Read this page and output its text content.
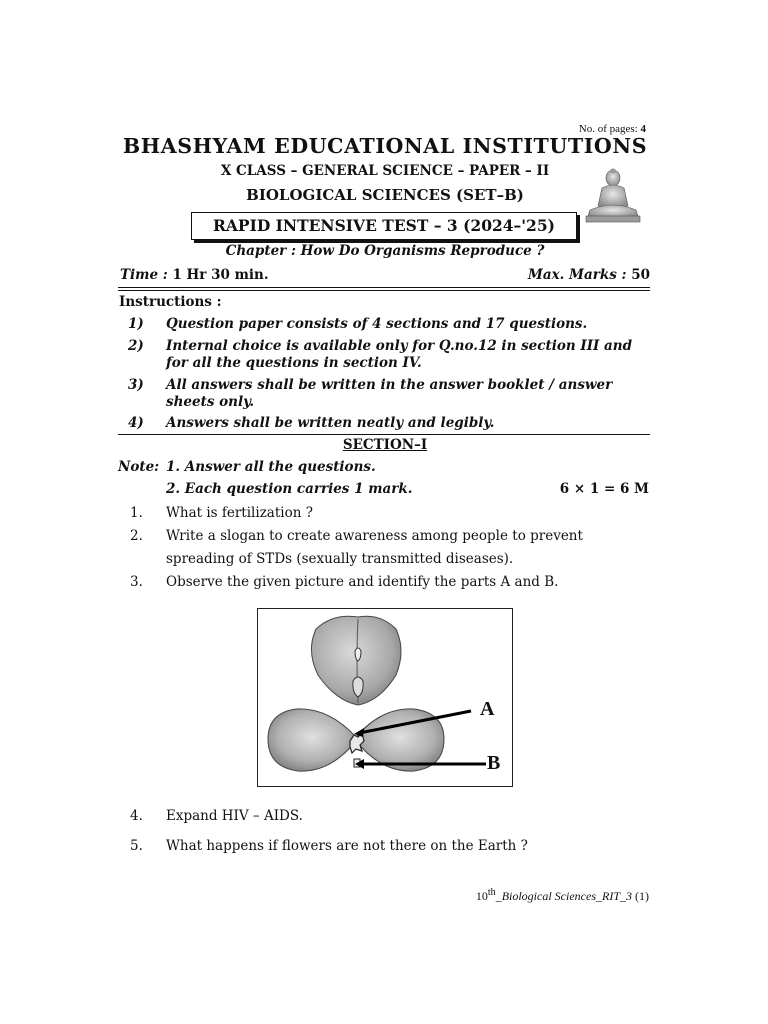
No. of pages: 4
BHASHYAM EDUCATIONAL INSTITUTIONS
X CLASS – GENERAL SCIENCE – PAPER – II
BIOLOGICAL SCIENCES (SET–B)
RAPID INTENSIVE TEST – 3 (2024–'25)
Chapter : How Do Organisms Reproduce ?
Time : 1 Hr 30 min.	Max. Marks : 50
Instructions :
1)	Question paper consists of 4 sections and 17 questions.
2)	Internal choice is available only for Q.no.12 in section III and for all the questions in section IV.
3)	All answers shall be written in the answer booklet / answer sheets only.
4)	Answers shall be written neatly and legibly.
SECTION–I
Note: 1. Answer all the questions.
2. Each question carries 1 mark.	6 × 1 = 6 M
1. What is fertilization ?
2. Write a slogan to create awareness among people to prevent spreading of STDs (sexually transmitted diseases).
3. Observe the given picture and identify the parts A and B.
A
B
4. Expand HIV – AIDS.
5. What happens if flowers are not there on the Earth ?
10th_Biological Sciences_RIT_3 (1)
